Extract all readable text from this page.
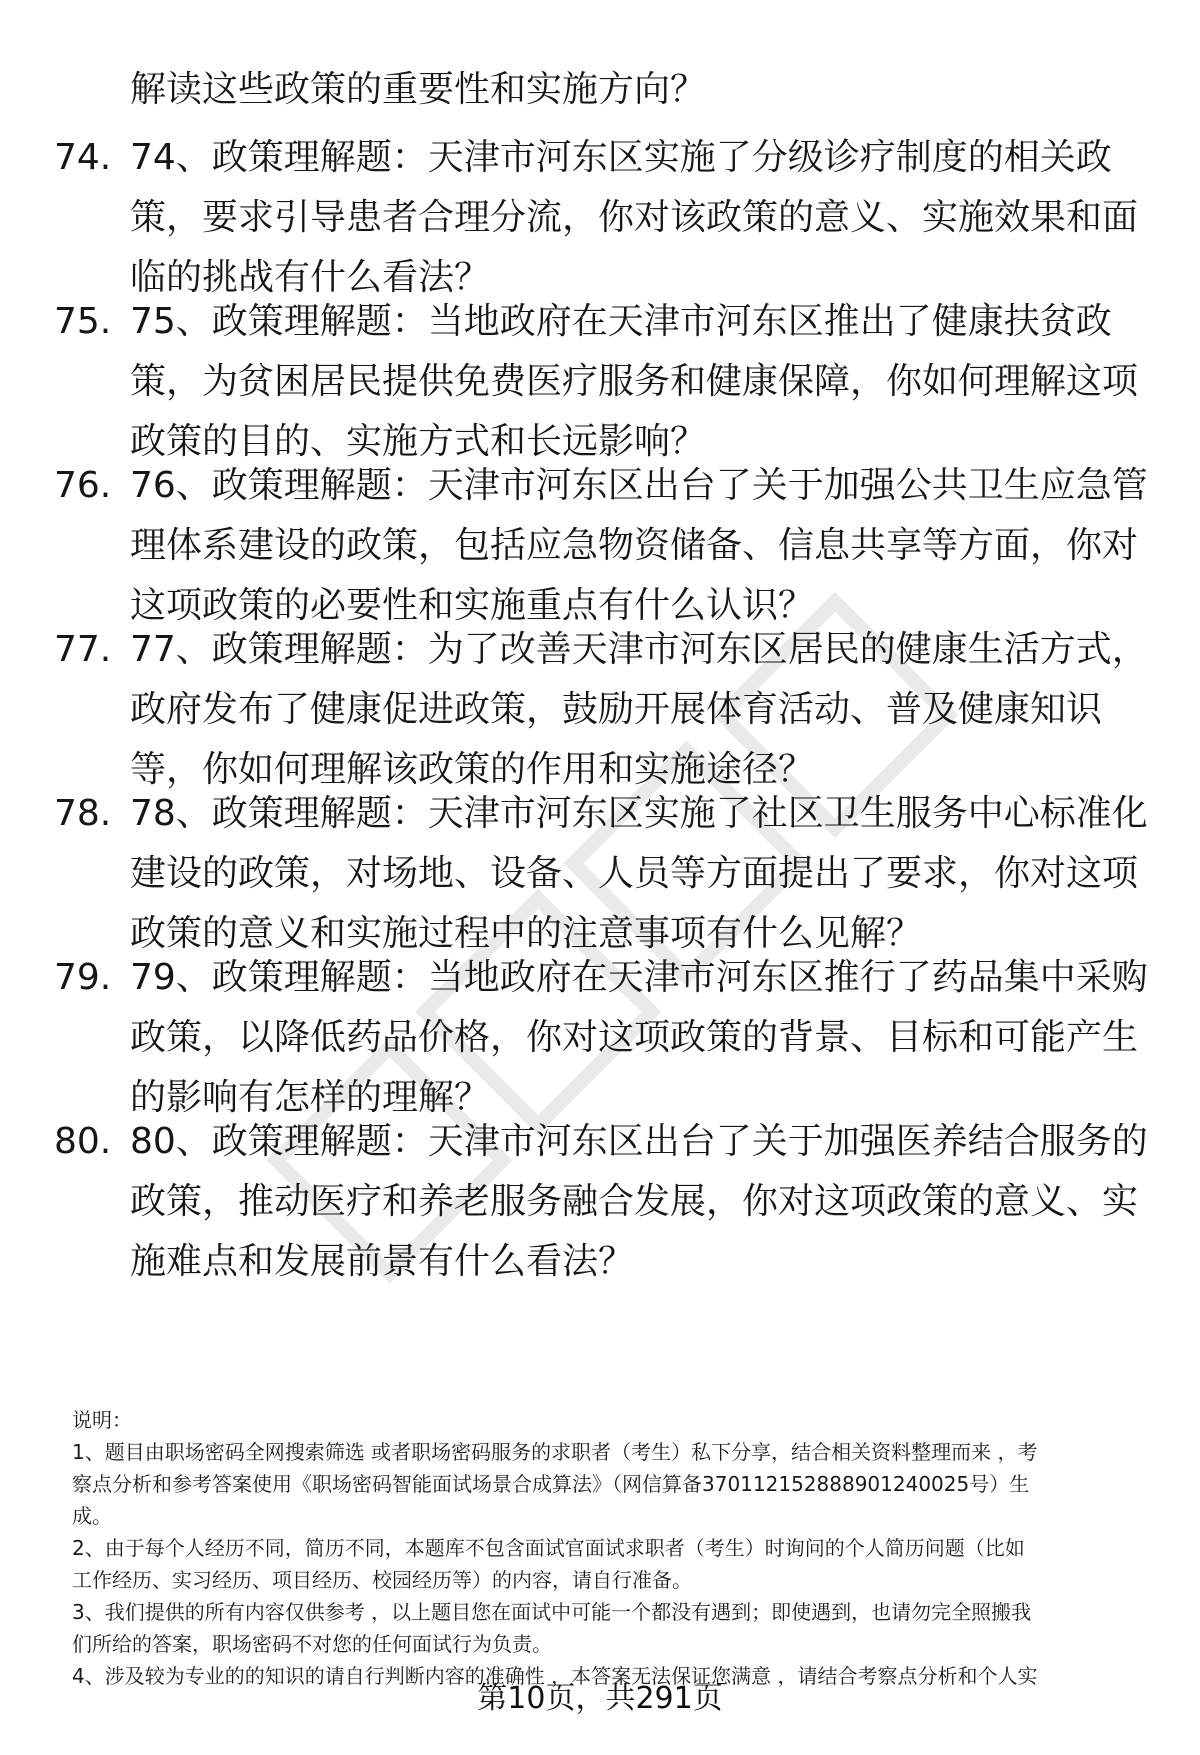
解读这些政策的重要性和实施方向？
74. 74、政策理解题：天津市河东区实施了分级诊疗制度的相关政
策，要求引导患者合理分流，你对该政策的意义、实施效果和面
临的挑战有什么看法？
75. 75、政策理解题：当地政府在天津市河东区推出了健康扶贫政
策，为贫困居民提供免费医疗服务和健康保障，你如何理解这项
政策的目的、实施方式和长远影响？
76. 76、政策理解题：天津市河东区出台了关于加强公共卫生应急管
理体系建设的政策，包括应急物资储备、信息共享等方面，你对
这项政策的必要性和实施重点有什么认识？
77. 77、政策理解题：为了改善天津市河东区居民的健康生活方式，
政府发布了健康促进政策，鼓励开展体育活动、普及健康知识
等，你如何理解该政策的作用和实施途径？
78. 78、政策理解题：天津市河东区实施了社区卫生服务中心标准化
建设的政策，对场地、设备、人员等方面提出了要求，你对这项
政策的意义和实施过程中的注意事项有什么见解？
79. 79、政策理解题：当地政府在天津市河东区推行了药品集中采购
政策，以降低药品价格，你对这项政策的背景、目标和可能产生
的影响有怎样的理解？
80. 80、政策理解题：天津市河东区出台了关于加强医养结合服务的
政策，推动医疗和养老服务融合发展，你对这项政策的意义、实
施难点和发展前景有什么看法？
说明：
1、题目由职场密码全网搜索筛选 或者职场密码服务的求职者（考生）私下分享，结合相关资料整理而来 ，考
察点分析和参考答案使用《职场密码智能面试场景合成算法》（网信算备370112152888901240025号）生
成。
2、由于每个人经历不同，简历不同，本题库不包含面试官面试求职者（考生）时询问的个人简历问题（比如
工作经历、实习经历、项目经历、校园经历等）的内容，请自行准备。
3、我们提供的所有内容仅供参考 ，以上题目您在面试中可能一个都没有遇到；即使遇到，也请勿完全照搬我
们所给的答案，职场密码不对您的任何面试行为负责。
4、涉及较为专业的的知识的请自行判断内容的准确性 ，本答案无法保证您满意 ，请结合考察点分析和个人实
第10页，共291页
